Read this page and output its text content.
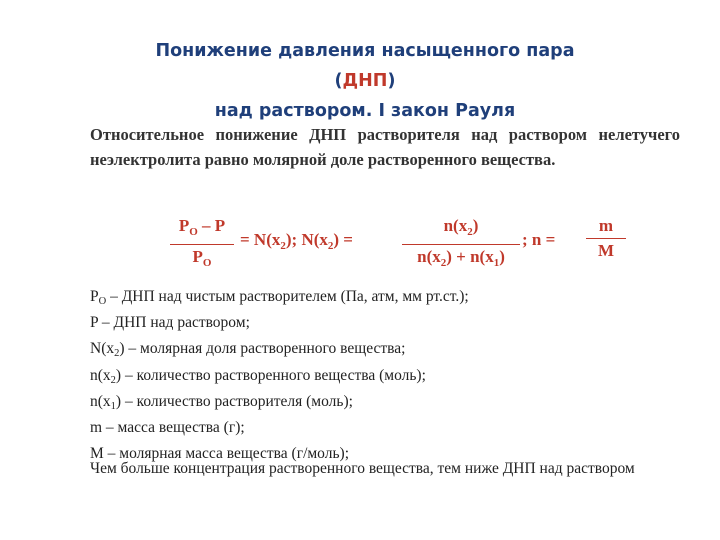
Понижение давления насыщенного пара (ДНП)
над раствором. I закон Рауля
Относительное понижение ДНП растворителя над раствором нелетучего неэлектролита равно молярной доле растворенного вещества.
$P_O$ – P
$P_O$
= $N(x_2)$; $N(x_2)$ =
$n(x_2)$
$n(x_2) + n(x_1)$
; n =
m
M
PO – ДНП над чистым растворителем (Па, атм, мм рт.ст.);
P – ДНП над раствором;
N(x2) – молярная доля растворенного вещества;
n(x2) – количество растворенного вещества (моль);
n(x1) – количество растворителя (моль);
m – масса вещества (г);
M – молярная масса вещества (г/моль);
Чем больше концентрация растворенного вещества, тем ниже ДНП над раствором
